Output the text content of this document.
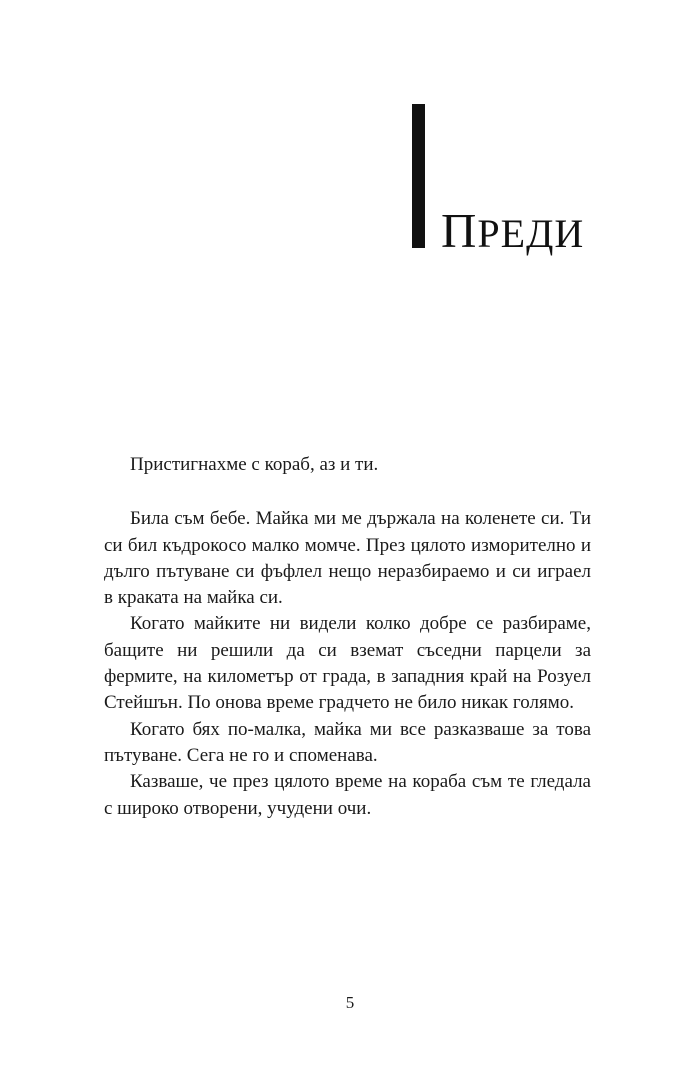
ПРЕДИ

Пристигнахме с кораб, аз и ти.

Била съм бебе. Майка ми ме държала на коленете си. Ти си бил къдрокосо малко момче. През цялото изморително и дълго пътуване си фъфлел нещо неразбираемо и си играел в краката на майка си.

Когато майките ни видели колко добре се разбираме, бащите ни решили да си вземат съседни парцели за фермите, на километър от града, в западния край на Розуел Стейшън. По онова време градчето не било никак голямо.

Когато бях по-малка, майка ми все разказваше за това пътуване. Сега не го и споменава.

Казваше, че през цялото време на кораба съм те гледала с широко отворени, учудени очи.

5
